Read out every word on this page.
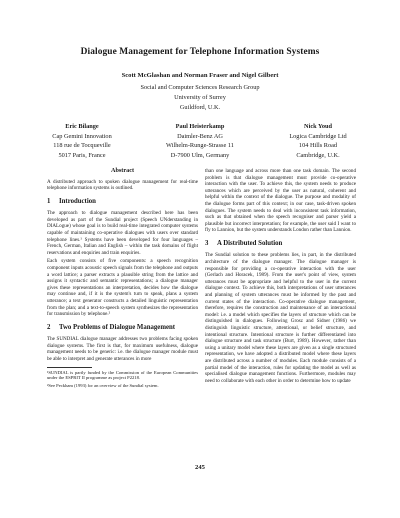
Dialogue Management for Telephone Information Systems
Scott McGlashan and Norman Fraser and Nigel Gilbert
Social and Computer Sciences Research Group
University of Surrey
Guildford, U.K.
Eric Bilange
Cap Gemini Innovation
118 rue de Tocqueville
5017 Paris, France
Paul Heisterkamp
Daimler-Benz AG
Wilhelm-Runge-Strasse 11
D-7900 Ulm, Germany
Nick Youd
Logica Cambridge Ltd
104 Hills Road
Cambridge, U.K.
Abstract

A distributed approach to spoken dialogue management for real-time telephone information systems is outlined.

1 Introduction

The approach to dialogue management described here has been developed as part of the Sundial project (Speech UNderstanding in DIALogue) whose goal is to build real-time integrated computer systems capable of maintaining co-operative dialogues with users over standard telephone lines.¹ Systems have been developed for four languages – French, German, Italian and English – within the task domains of flight reservations and enquiries and train enquiries.

Each system consists of five components: a speech recognition component inputs acoustic speech signals from the telephone and outputs a word lattice; a parser extracts a plausible string from the lattice and assigns it syntactic and semantic representations; a dialogue manager gives these representations an interpretation, decides how the dialogue may continue and, if it is the system's turn to speak, plans a system utterance; a text generator constructs a detailed linguistic representation from the plan; and a text-to-speech system synthesizes the representation for transmission by telephone.²

2 Two Problems of Dialogue Management

The SUNDIAL dialogue manager addresses two problems facing spoken dialogue systems. The first is that, for maximum usefulness, dialogue management needs to be generic: i.e. the dialogue manager module must be able to interpret and generate utterances in more

¹SUNDIAL is partly funded by the Commission of the European Communities under the ESPRIT II programme as project P2218.

²See Peckham (1993) for an overview of the Sundial system.

than one language and across more than one task domain. The second problem is that dialogue management must provide co-operative interaction with the user. To achieve this, the system needs to produce utterances which are perceived by the user as natural, coherent and helpful within the context of the dialogue. The purpose and modality of the dialogue forms part of this context; in our case, task-driven spoken dialogues. The system needs to deal with inconsistent task information, such as that obtained when the speech recogniser and parser yield a plausible but incorrect interpretation; for example, the user said I want to fly to Lannion, but the system understands London rather than Lannion.

3 A Distributed Solution

The Sundial solution to these problems lies, in part, in the distributed architecture of the dialogue manager. The dialogue manager is responsible for providing a co-operative interaction with the user (Gerlach and Horacek, 1989). From the user's point of view, system utterances must be appropriate and helpful to the user in the current dialogue context. To achieve this, both interpretations of user utterances and planning of system utterances must be informed by the past and current states of the interaction. Co-operative dialogue management, therefore, requires the construction and maintenance of an interactional model: i.e. a model which specifies the layers of structure which can be distinguished in dialogues. Following Grosz and Sidner (1986) we distinguish linguistic structure, attentional, or belief structure, and intentional structure. Intentional structure is further differentiated into dialogue structure and task structure (Burt, 1989). However, rather than using a unitary model where these layers are given as a single structured representation, we have adopted a distributed model where these layers are distributed across a number of modules. Each module consists of a partial model of the interaction, rules for updating the model as well as specialised dialogue management functions. Furthermore, modules may need to collaborate with each other in order to determine how to update

245
